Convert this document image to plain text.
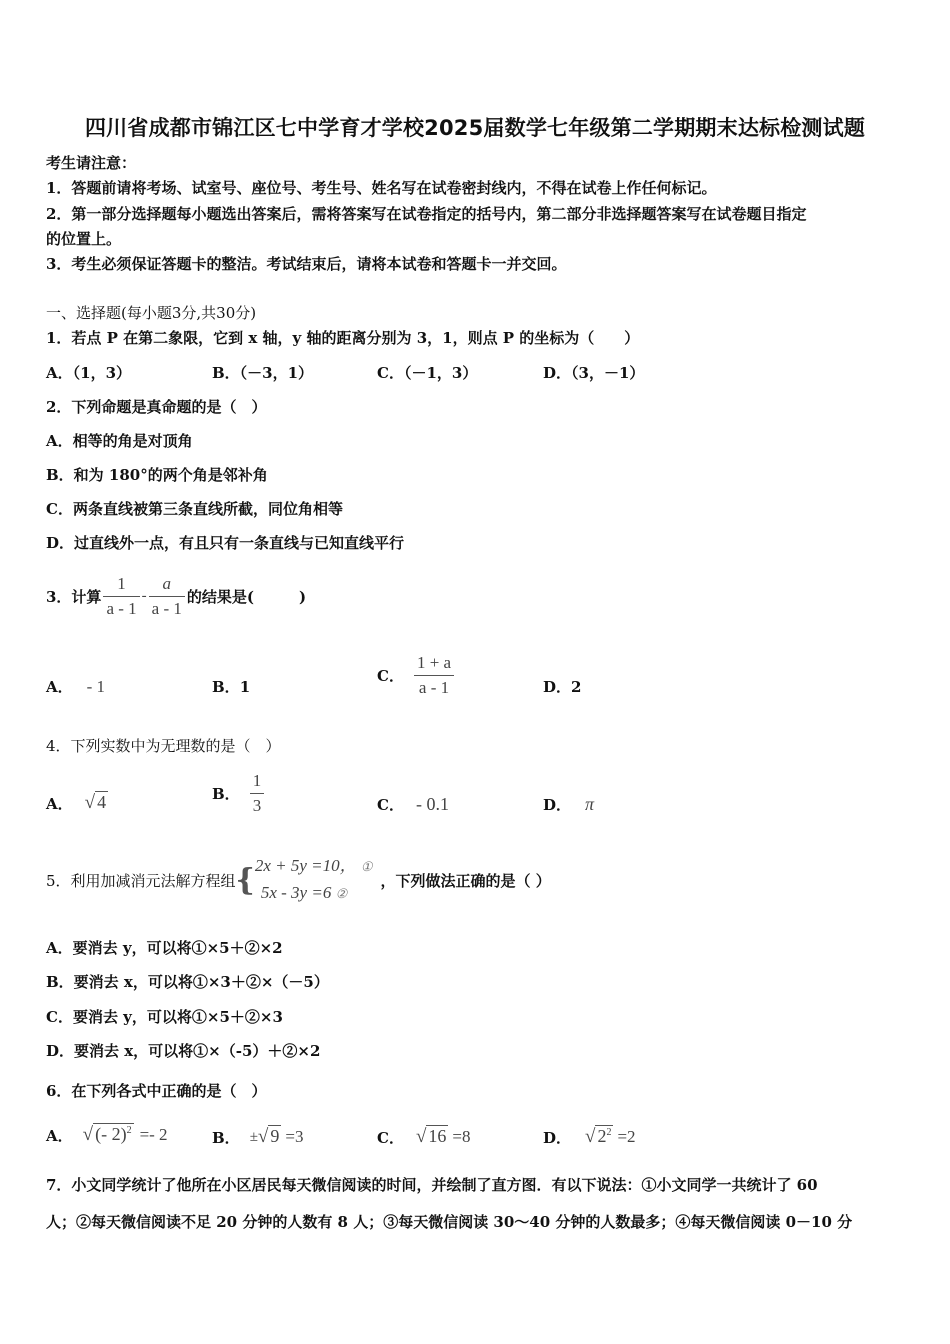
四川省成都市锦江区七中学育才学校2025届数学七年级第二学期期末达标检测试题
考生请注意：
1．答题前请将考场、试室号、座位号、考生号、姓名写在试卷密封线内，不得在试卷上作任何标记。
2．第一部分选择题每小题选出答案后，需将答案写在试卷指定的括号内，第二部分非选择题答案写在试卷题目指定
的位置上。
3．考生必须保证答题卡的整洁。考试结束后，请将本试卷和答题卡一并交回。
一、选择题(每小题3分,共30分)
1．若点 P 在第二象限，它到 x 轴，y 轴的距离分别为 3，1，则点 P 的坐标为（　　）
A．（1，3）	B．（－3，1）	C．（－1，3）	D．（3，－1）
2．下列命题是真命题的是（　）
A．相等的角是对顶角
B．和为 180°的两个角是邻补角
C．两条直线被第三条直线所截，同位角相等
D．过直线外一点，有且只有一条直线与已知直线平行
3．计算 $\frac{1}{a - 1} - \frac{a}{a - 1}$ 的结果是(　　　)
A． - 1	B．1
C． $\frac{1 + a}{a - 1}$	D．2
4．下列实数中为无理数的是（　）
A． √ 4	B． $\frac{1}{3}$	C． - 0.1	D． π
5．利用加减消元法解方程组 { 2x + 5y =10， ①
5x - 3y =6 ②
，下列做法正确的是（ ）
A．要消去 y，可以将①×5＋②×2
B．要消去 x，可以将①×3＋②×（－5）
C．要消去 y，可以将①×5＋②×3
D．要消去 x，可以将①×（-5）＋②×2
6．在下列各式中正确的是（　）
A． √ (- 2)$^2$ =- 2	B． ± √ 9 =3	C． √ 16 =8	D． √ $2^2 =2$
7．小文同学统计了他所在小区居民每天微信阅读的时间，并绘制了直方图．有以下说法：①小文同学一共统计了 60
人；②每天微信阅读不足 20 分钟的人数有 8 人；③每天微信阅读 30～40 分钟的人数最多；④每天微信阅读 0－10 分
